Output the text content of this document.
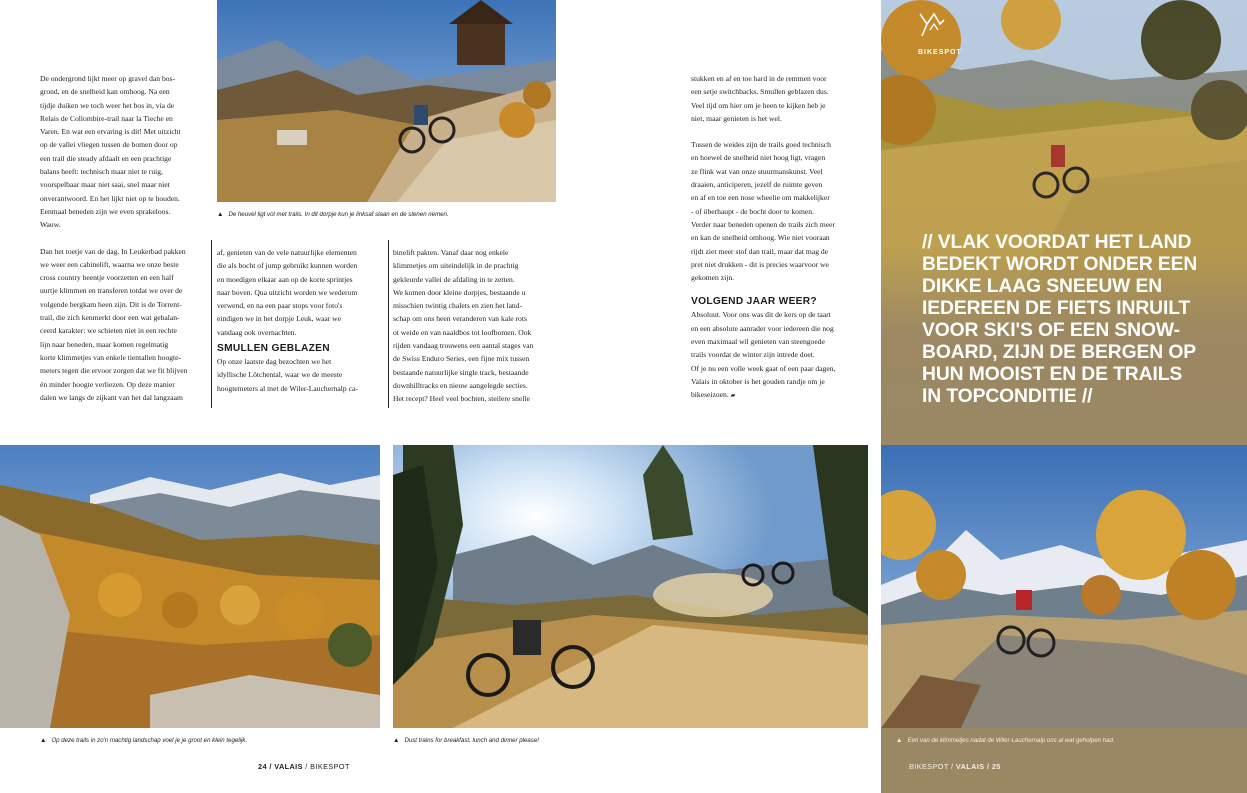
▲ De heuvel ligt vol met trails. In dit dorpje kun je linksaf slaan en de stenen nemen.

De ondergrond lijkt meer op gravel dan bos-
grond, en de snelheid kan omhoog. Na een
tijdje duiken we toch weer het bos in, via de
Relais de Collombire-trail naar la Tieche en
Varen. En wat een ervaring is dit! Met uitzicht
op de vallei vliegen tussen de bomen door op
een trail die steady afdaalt en een prachtige
balans heeft: technisch maar niet te ruig,
voorspelbaar maar niet saai, snel maar niet
onverantwoord. En het lijkt niet op te houden.
Eenmaal beneden zijn we even sprakeloos.
Wauw.

Dan het toetje van de dag. In Leukerbad pakken
we weer een cabinelift, waarna we onze beste
cross country beentje voorzetten en een half
uurtje klimmen en transferen totdat we over de
volgende bergkam heen zijn. Dit is de Torrent-
trail, die zich kenmerkt door een wat gebalan-
ceerd karakter: we schieten niet in een rechte
lijn naar beneden, maar komen regelmatig
korte klimmetjes van enkele tientallen hoogte-
meters tegen die ervoor zorgen dat we fit blijven
én minder hoogte verliezen. Op deze manier
dalen we langs de zijkant van het dal langzaam

af, genieten van de vele natuurlijke elementen
die als bocht of jump gebruikt kunnen worden
en moedigen elkaar aan op de korte sprintjes
naar boven. Qua uitzicht worden we wederom
verwend, en na een paar stops voor foto's
eindigen we in het dorpje Leuk, waar we
vandaag ook overnachten.

SMULLEN GEBLAZEN

Op onze laatste dag bezochten we het
idyllische Lötchental, waar we de meeste
hoogtemeters al met de Wiler-Lauchernalp ca-

binelift pakten. Vanaf daar nog enkele
klimmetjes om uiteindelijk in de prachtig
gekleurde vallei de afdaling in te zetten.
We komen door kleine dorpjes, bestaande u
misschien twintig chalets en zien het land-
schap om ons heen veranderen van kale rots
ot weide en van naaldbos tot loofbomen. Ook
rijden vandaag trouwens een aantal stages van
de Swiss Enduro Series, een fijne mix tussen
bestaande natuurlijke single track, bestaande
downhilltracks en nieuw aangelegde secties.
Het recept? Heel veel bochten, steilere snelle

stukken en af en toe hard in de remmen voor
een setje switchbacks. Smullen geblazen dus.
Veel tijd om hier om je heen te kijken heb je
niet, maar genieten is het wel.

Tussen de weides zijn de trails goed technisch
en hoewel de snelheid niet hoog ligt, vragen
ze flink wat van onze stuurmanskunst. Veel
draaien, anticiperen, jezelf de ruimte geven
en af en toe een nose wheelie om makkelijker
- of überhaupt - de bocht door te komen.
Verder naar beneden openen de trails zich meer
en kan de snelheid omhoog. Wie niet vooraan
rijdt ziet meer stof dan trail, maar dat mag de
pret niet drukken - dit is precies waarvoor we
gekomen zijn.

VOLGEND JAAR WEER?

Absoluut. Voor ons was dit de kers op de taart
en een absolute aanrader voor iedereen die nog
even maximaal wil genieten van steengoede
trails voordat de winter zijn intrede doet.
Of je nu een volle week gaat of een paar dagen,
Valais in oktober is het gouden randje om je
bikeseizoen. ▰

▲ Op deze trails in zo'n machtig landschap voel je je groot en klein tegelijk.	▲ Dust trains for breakfast, lunch and dinner please!
24 / VALAIS / BIKESPOT
BIKESPOT
// VLAK VOORDAT HET LAND
BEDEKT WORDT ONDER EEN
DIKKE LAAG SNEEUW EN
IEDEREEN DE FIETS INRUILT
VOOR SKI'S OF EEN SNOW-
BOARD, ZIJN DE BERGEN OP
HUN MOOIST EN DE TRAILS
IN TOPCONDITIE //
▲ Een van de klimmetjes nadat de Wiler-Lauchernalp ons al wat geholpen had.
BIKESPOT / VALAIS / 25
